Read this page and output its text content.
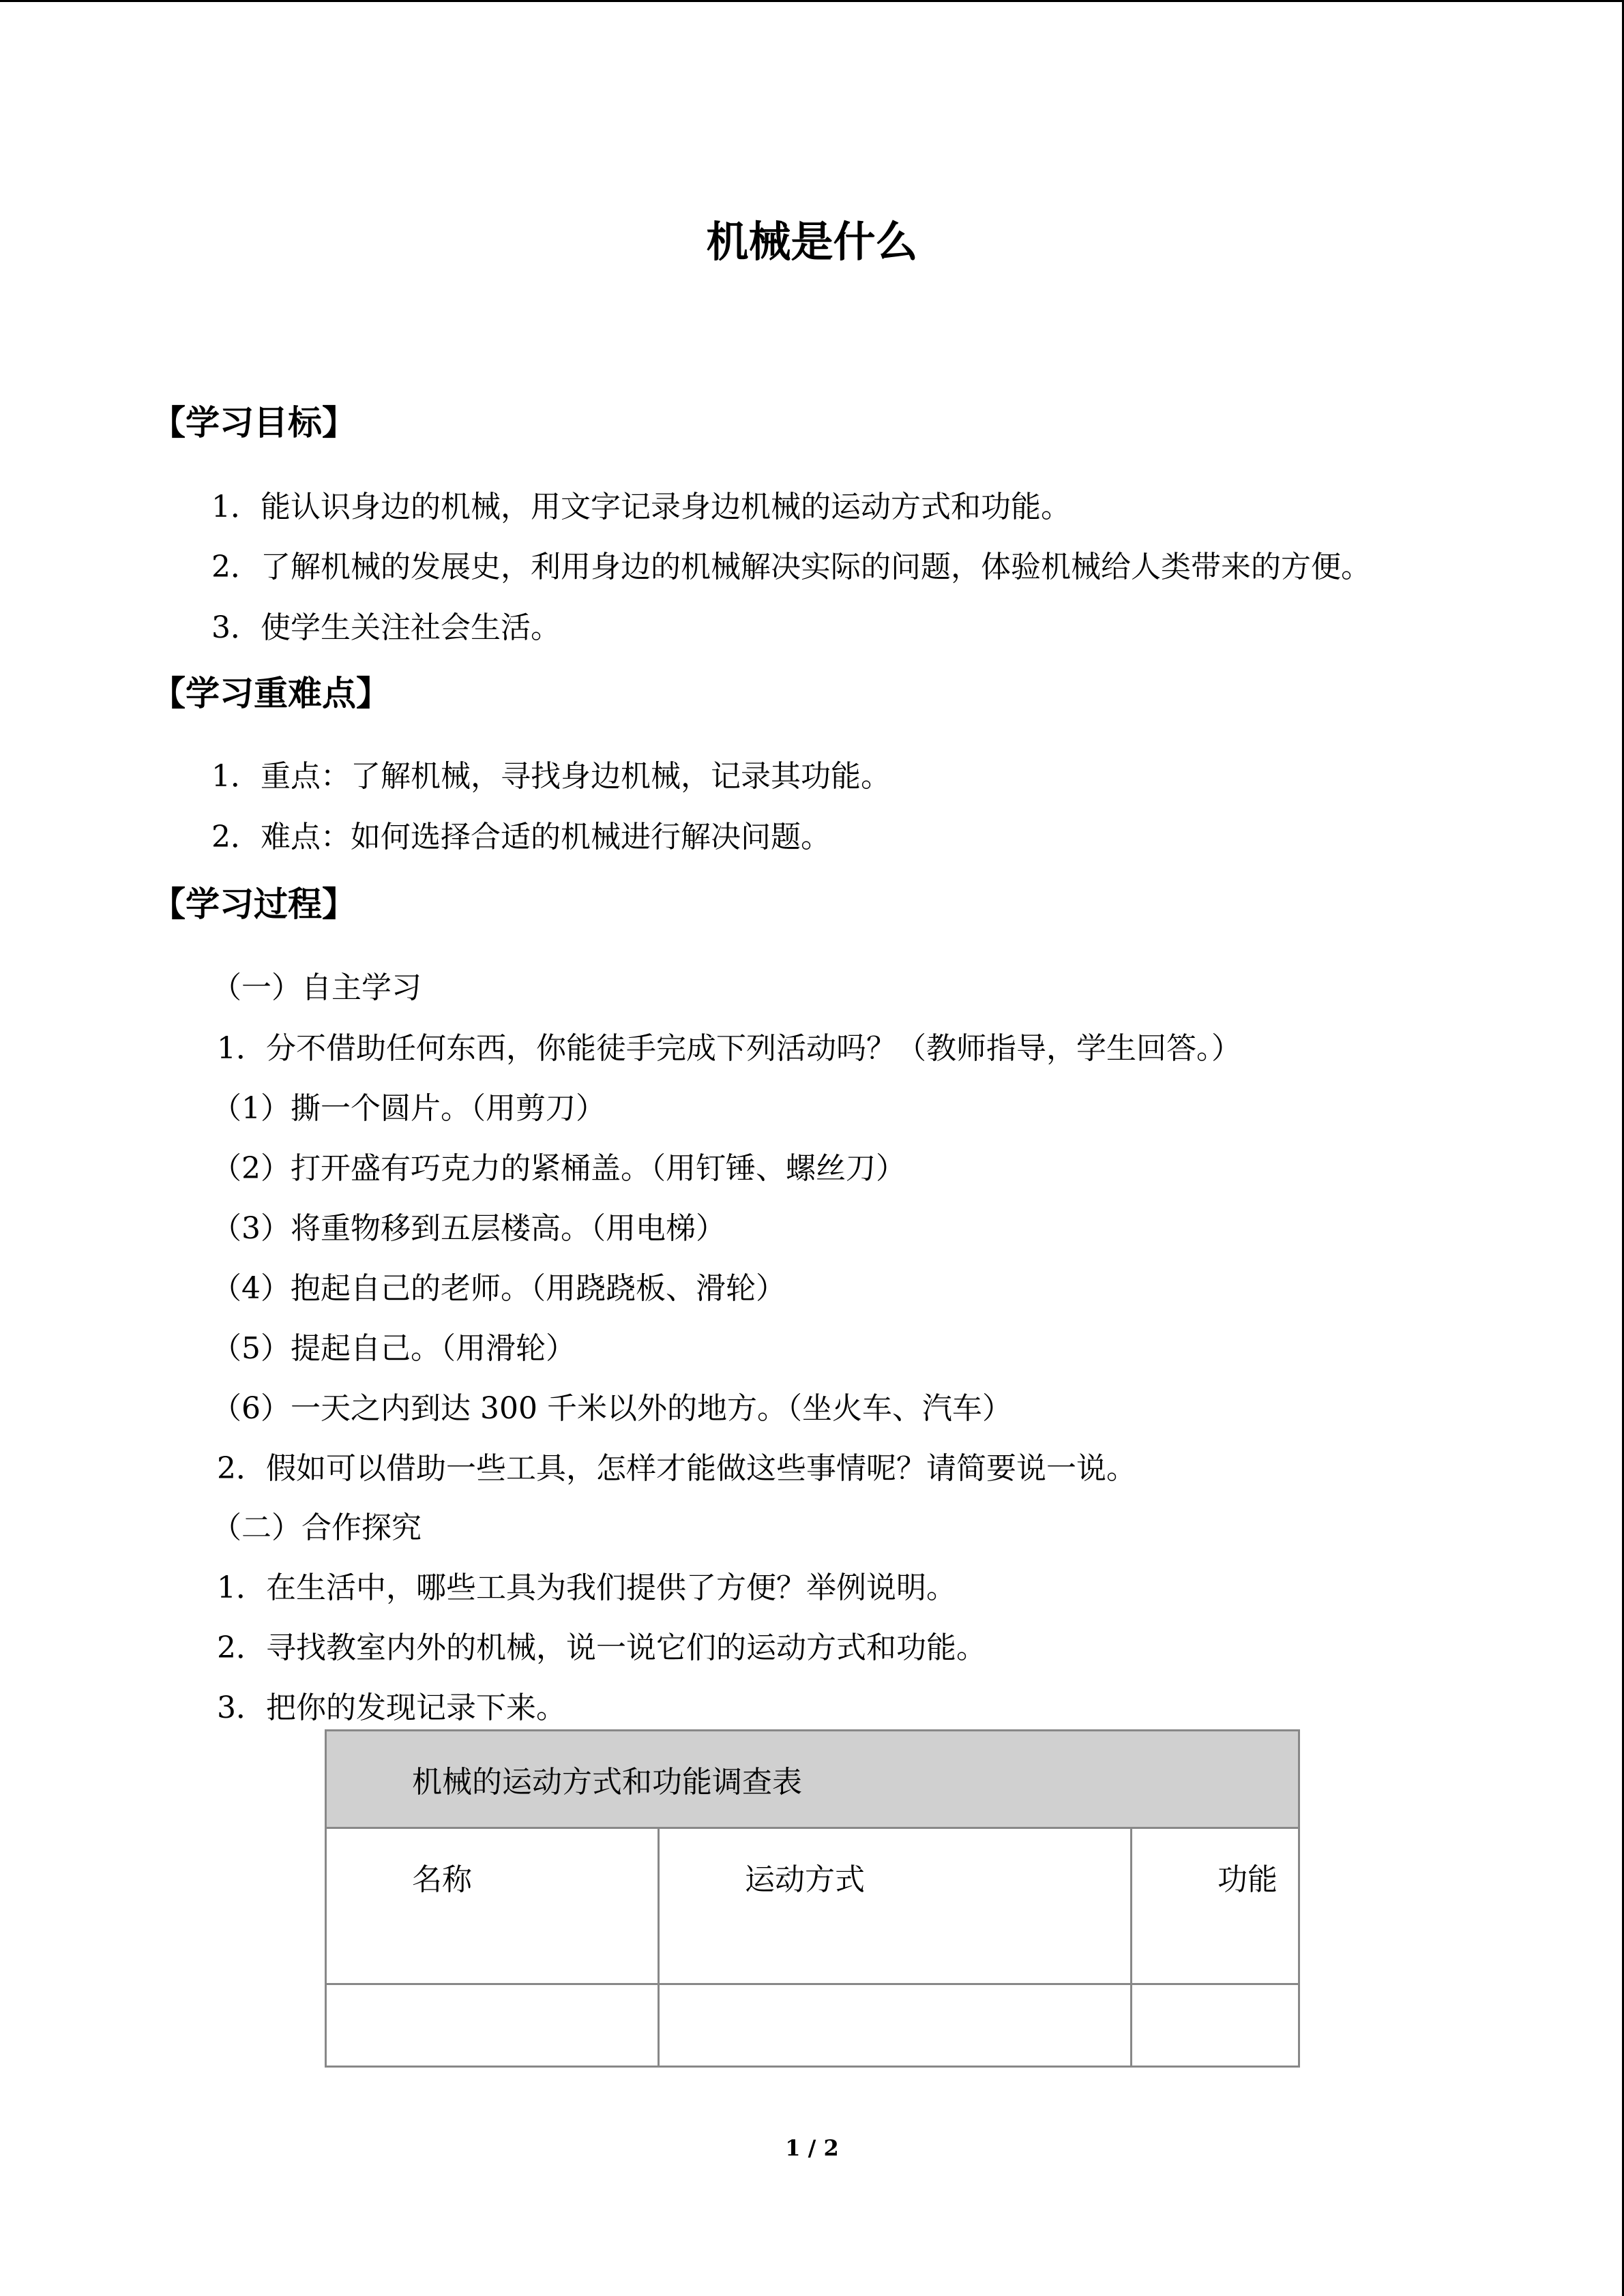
机械是什么
【学习目标】
1．能认识身边的机械，用文字记录身边机械的运动方式和功能。
2．了解机械的发展史，利用身边的机械解决实际的问题，体验机械给人类带来的方便。
3．使学生关注社会生活。
【学习重难点】
1．重点：了解机械，寻找身边机械，记录其功能。
2．难点：如何选择合适的机械进行解决问题。
【学习过程】
（一）自主学习
1．分不借助任何东西，你能徒手完成下列活动吗？（教师指导，学生回答。）
（1）撕一个圆片。（用剪刀）
（2）打开盛有巧克力的紧桶盖。（用钉锤、螺丝刀）
（3）将重物移到五层楼高。（用电梯）
（4）抱起自己的老师。（用跷跷板、滑轮）
（5）提起自己。（用滑轮）
（6）一天之内到达 300 千米以外的地方。（坐火车、汽车）
2．假如可以借助一些工具，怎样才能做这些事情呢？请简要说一说。
（二）合作探究
1．在生活中，哪些工具为我们提供了方便？举例说明。
2．寻找教室内外的机械，说一说它们的运动方式和功能。
3．把你的发现记录下来。
机械的运动方式和功能调查表		
名称	运动方式	功能

1 / 2
